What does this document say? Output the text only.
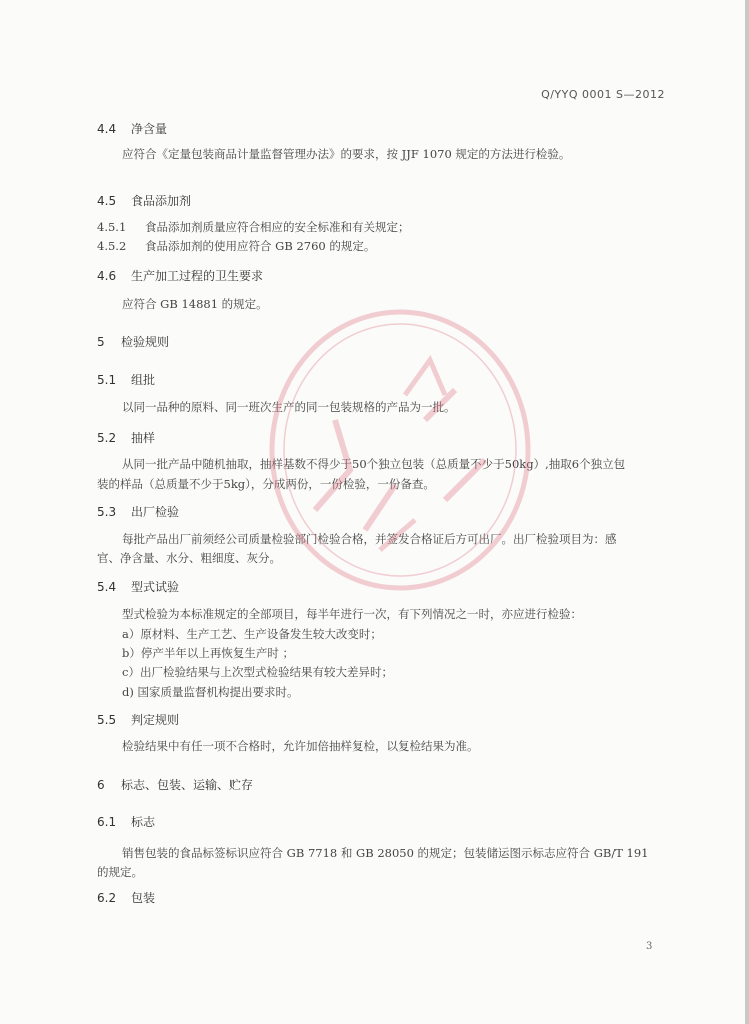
Q/YYQ 0001 S—2012
4.4 净含量
应符合《定量包装商品计量监督管理办法》的要求，按 JJF 1070 规定的方法进行检验。
4.5 食品添加剂
4.5.1 食品添加剂质量应符合相应的安全标准和有关规定；
4.5.2 食品添加剂的使用应符合 GB 2760 的规定。
4.6 生产加工过程的卫生要求
应符合 GB 14881 的规定。
5 检验规则
5.1 组批
以同一品种的原料、同一班次生产的同一包装规格的产品为一批。
5.2 抽样
从同一批产品中随机抽取，抽样基数不得少于50个独立包装（总质量不少于50kg）,抽取6个独立包
装的样品（总质量不少于5kg），分成两份，一份检验，一份备查。
5.3 出厂检验
每批产品出厂前须经公司质量检验部门检验合格，并签发合格证后方可出厂。出厂检验项目为：感
官、净含量、水分、粗细度、灰分。
5.4 型式试验
型式检验为本标准规定的全部项目，每半年进行一次，有下列情况之一时，亦应进行检验：
a）原材料、生产工艺、生产设备发生较大改变时；
b）停产半年以上再恢复生产时 ；
c）出厂检验结果与上次型式检验结果有较大差异时；
d) 国家质量监督机构提出要求时。
5.5 判定规则
检验结果中有任一项不合格时，允许加倍抽样复检，以复检结果为准。
6 标志、包装、运输、贮存
6.1 标志
销售包装的食品标签标识应符合 GB 7718 和 GB 28050 的规定；包装储运图示标志应符合 GB/T 191
的规定。
6.2 包装
3
